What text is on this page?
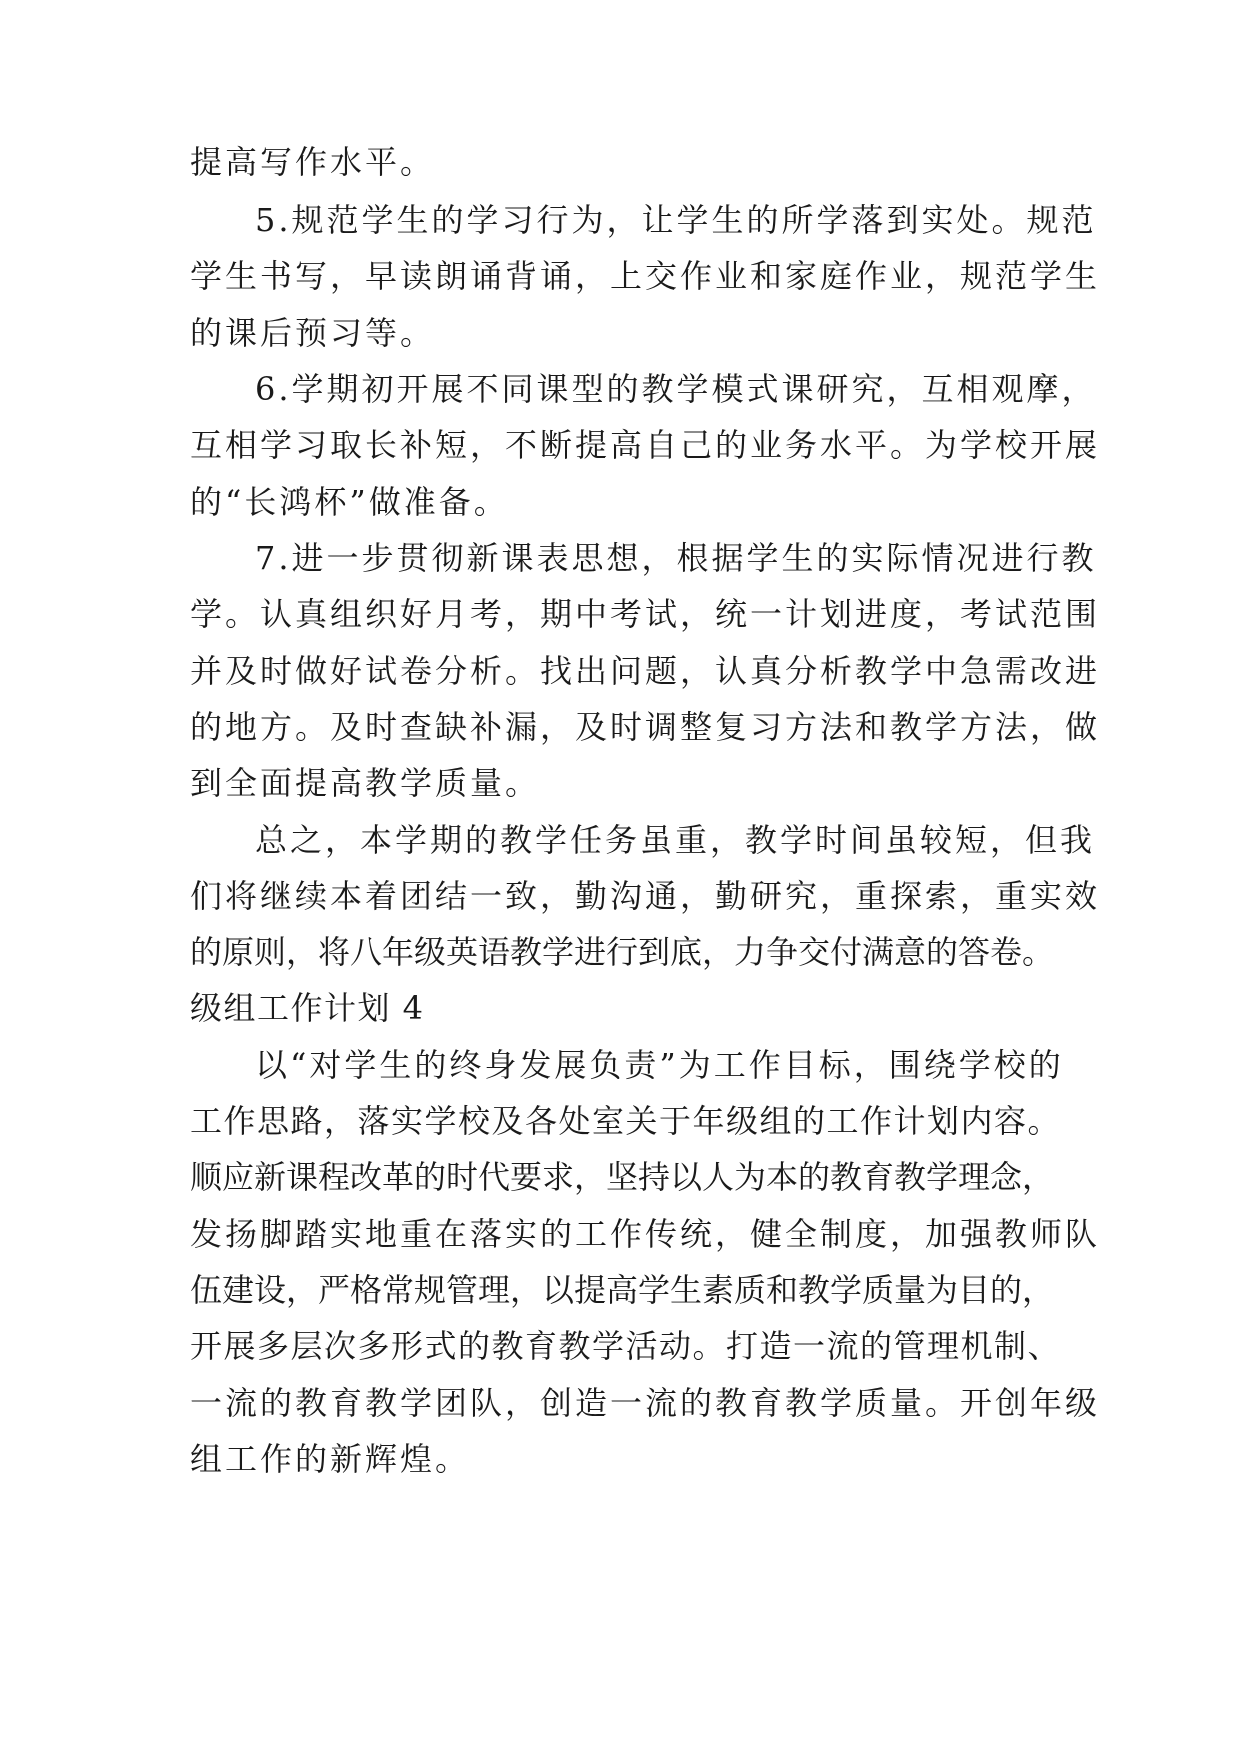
提高写作水平。
5.规范学生的学习行为，让学生的所学落到实处。规范
学生书写，早读朗诵背诵，上交作业和家庭作业，规范学生
的课后预习等。
6.学期初开展不同课型的教学模式课研究，互相观摩，
互相学习取长补短，不断提高自己的业务水平。为学校开展
的“长鸿杯”做准备。
7.进一步贯彻新课表思想，根据学生的实际情况进行教
学。认真组织好月考，期中考试，统一计划进度，考试范围
并及时做好试卷分析。找出问题，认真分析教学中急需改进
的地方。及时查缺补漏，及时调整复习方法和教学方法，做
到全面提高教学质量。
总之，本学期的教学任务虽重，教学时间虽较短，但我
们将继续本着团结一致，勤沟通，勤研究，重探索，重实效
的原则，将八年级英语教学进行到底，力争交付满意的答卷。
级组工作计划 4
以“对学生的终身发展负责”为工作目标，围绕学校的
工作思路，落实学校及各处室关于年级组的工作计划内容。
顺应新课程改革的时代要求，坚持以人为本的教育教学理念，
发扬脚踏实地重在落实的工作传统，健全制度，加强教师队
伍建设，严格常规管理，以提高学生素质和教学质量为目的，
开展多层次多形式的教育教学活动。打造一流的管理机制、
一流的教育教学团队，创造一流的教育教学质量。开创年级
组工作的新辉煌。
